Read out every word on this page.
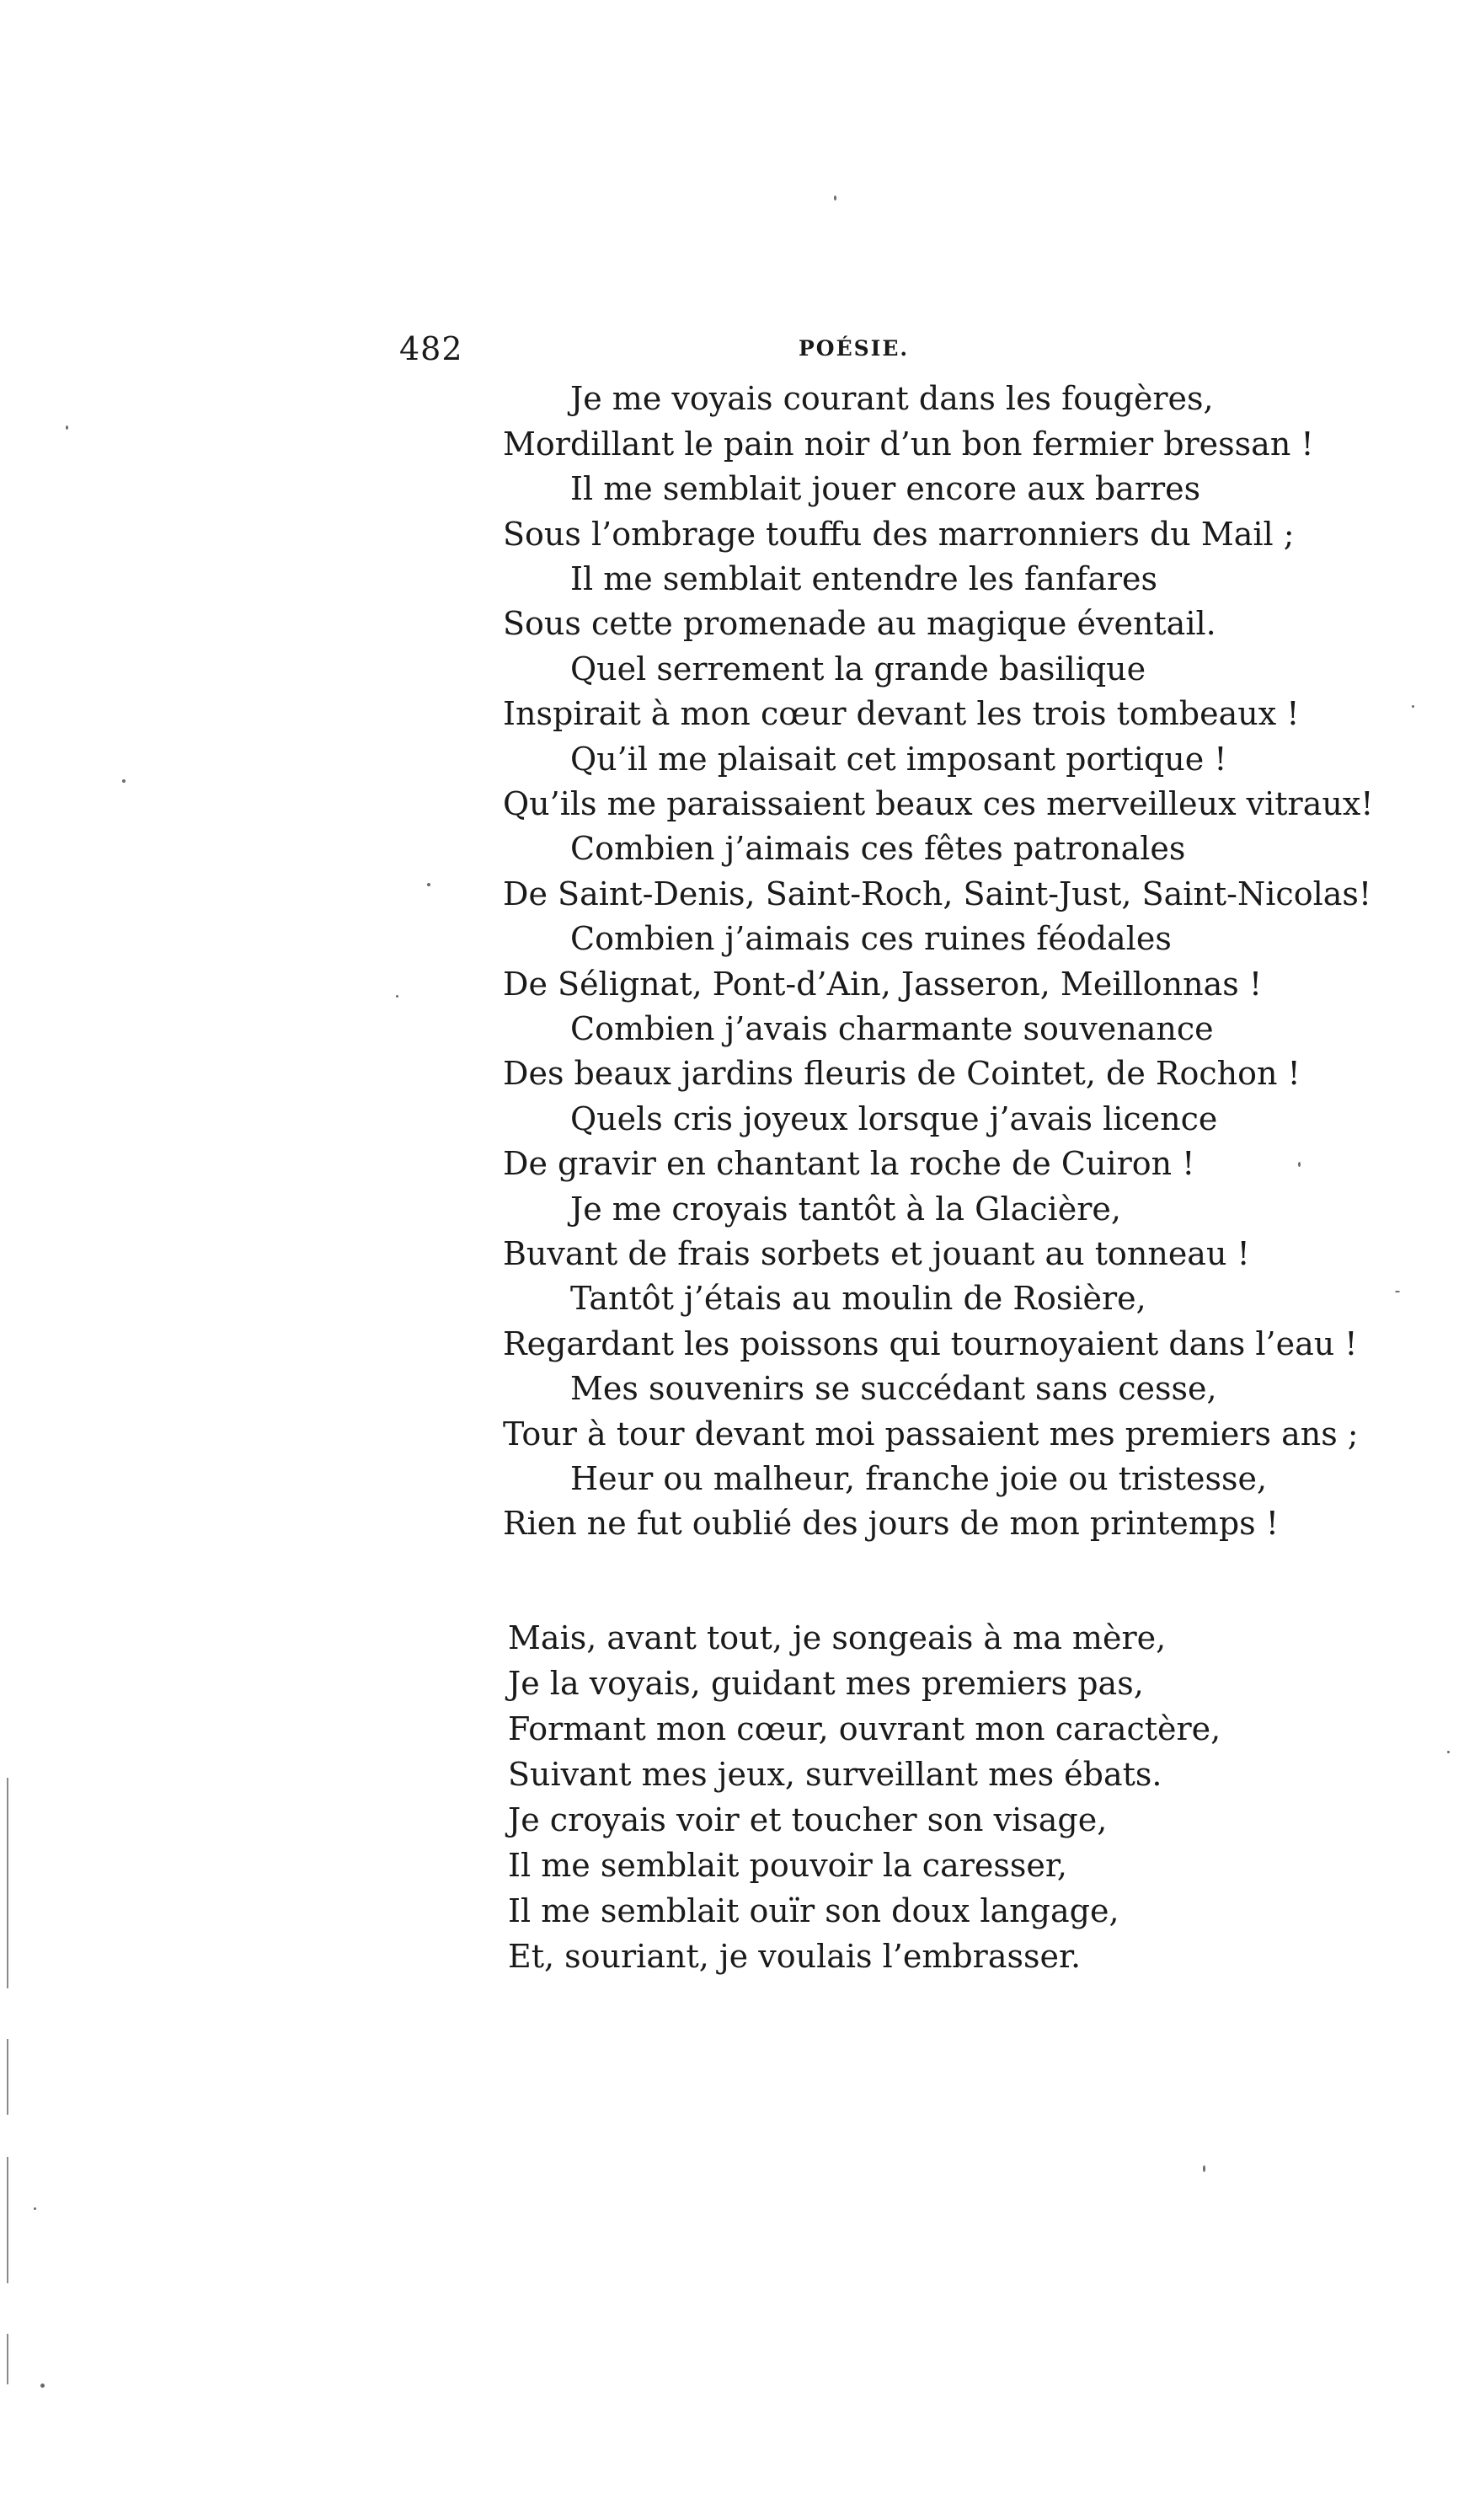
482	POÉSIE.
Je me voyais courant dans les fougères,
Mordillant le pain noir d’un bon fermier bressan !
Il me semblait jouer encore aux barres
Sous l’ombrage touffu des marronniers du Mail ;
Il me semblait entendre les fanfares
Sous cette promenade au magique éventail.
Quel serrement la grande basilique
Inspirait à mon cœur devant les trois tombeaux !
Qu’il me plaisait cet imposant portique !
Qu’ils me paraissaient beaux ces merveilleux vitraux!
Combien j’aimais ces fêtes patronales
De Saint-Denis, Saint-Roch, Saint-Just, Saint-Nicolas!
Combien j’aimais ces ruines féodales
De Sélignat, Pont-d’Ain, Jasseron, Meillonnas !
Combien j’avais charmante souvenance
Des beaux jardins fleuris de Cointet, de Rochon !
Quels cris joyeux lorsque j’avais licence
De gravir en chantant la roche de Cuiron !
Je me croyais tantôt à la Glacière,
Buvant de frais sorbets et jouant au tonneau !
Tantôt j’étais au moulin de Rosière,
Regardant les poissons qui tournoyaient dans l’eau !
Mes souvenirs se succédant sans cesse,
Tour à tour devant moi passaient mes premiers ans ;
Heur ou malheur, franche joie ou tristesse,
Rien ne fut oublié des jours de mon printemps !
Mais, avant tout, je songeais à ma mère,
Je la voyais, guidant mes premiers pas,
Formant mon cœur, ouvrant mon caractère,
Suivant mes jeux, surveillant mes ébats.
Je croyais voir et toucher son visage,
Il me semblait pouvoir la caresser,
Il me semblait ouïr son doux langage,
Et, souriant, je voulais l’embrasser.
